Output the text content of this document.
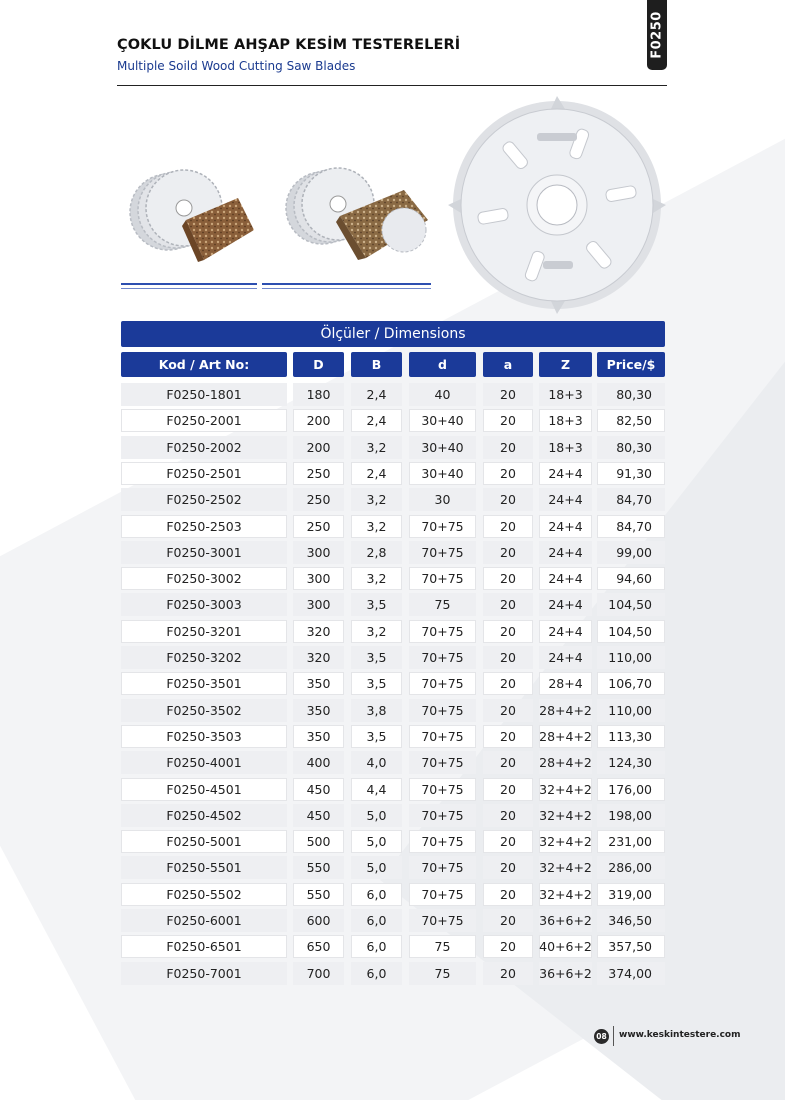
ÇOKLU DİLME AHŞAP KESİM TESTERELERİ
Multiple Soild Wood Cutting Saw Blades
F0250
Ölçüler / Dimensions
Kod / Art No:	D	B	d	a	Z	Price/$
F0250-1801	180	2,4	40	20	18+3	80,30
F0250-2001	200	2,4	30+40	20	18+3	82,50
F0250-2002	200	3,2	30+40	20	18+3	80,30
F0250-2501	250	2,4	30+40	20	24+4	91,30
F0250-2502	250	3,2	30	20	24+4	84,70
F0250-2503	250	3,2	70+75	20	24+4	84,70
F0250-3001	300	2,8	70+75	20	24+4	99,00
F0250-3002	300	3,2	70+75	20	24+4	94,60
F0250-3003	300	3,5	75	20	24+4	104,50
F0250-3201	320	3,2	70+75	20	24+4	104,50
F0250-3202	320	3,5	70+75	20	24+4	110,00
F0250-3501	350	3,5	70+75	20	28+4	106,70
F0250-3502	350	3,8	70+75	20	28+4+2	110,00
F0250-3503	350	3,5	70+75	20	28+4+2	113,30
F0250-4001	400	4,0	70+75	20	28+4+2	124,30
F0250-4501	450	4,4	70+75	20	32+4+2	176,00
F0250-4502	450	5,0	70+75	20	32+4+2	198,00
F0250-5001	500	5,0	70+75	20	32+4+2	231,00
F0250-5501	550	5,0	70+75	20	32+4+2	286,00
F0250-5502	550	6,0	70+75	20	32+4+2	319,00
F0250-6001	600	6,0	70+75	20	36+6+2	346,50
F0250-6501	650	6,0	75	20	40+6+2	357,50
F0250-7001	700	6,0	75	20	36+6+2	374,00
08 www.keskintestere.com
